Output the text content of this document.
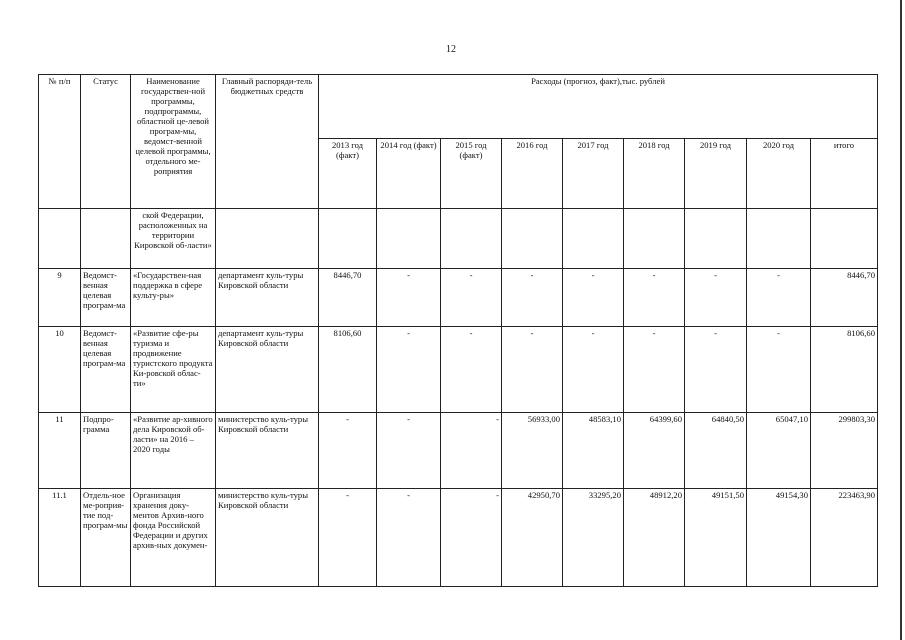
12
№ п/п	Статус	Наименование государствен-ной программы, подпрограммы, областной це-левой програм-мы, ведомст-венной целевой программы, отдельного ме-роприятия	Главный распоряди-тель бюджетных средств	Расходы (прогноз, факт),тыс. рублей								
				2013 год (факт)	2014 год (факт)	2015 год (факт)	2016 год	2017 год	2018 год	2019 год	2020 год	итого
		ской Федерации, расположенных на территории Кировской об-ласти»										
9	Ведомст-венная целевая програм-ма	«Государствен-ная поддержка в сфере культу-ры»	департамент куль-туры Кировской области	8446,70	-	-	-	-	-	-	-	8446,70
10	Ведомст-венная целевая програм-ма	«Развитие сфе-ры туризма и продвижение туристского продукта Ки-ровской облас-ти»	департамент куль-туры Кировской области	8106,60	-	-	-	-	-	-	-	8106,60
11	Подпро-грамма	«Развитие ар-хивного дела Кировской об-ласти» на 2016 – 2020 годы	министерство куль-туры Кировской области	-	-	-	56933,00	48583,10	64399,60	64840,50	65047,10	299803,30
11.1	Отдель-ное ме-роприя-тие под-програм-мы	Организация хранения доку-ментов Архив-ного фонда Российской Федерации и других архив-ных докумен-	министерство куль-туры Кировской области	-	-	-	42950,70	33295,20	48912,20	49151,50	49154,30	223463,90
